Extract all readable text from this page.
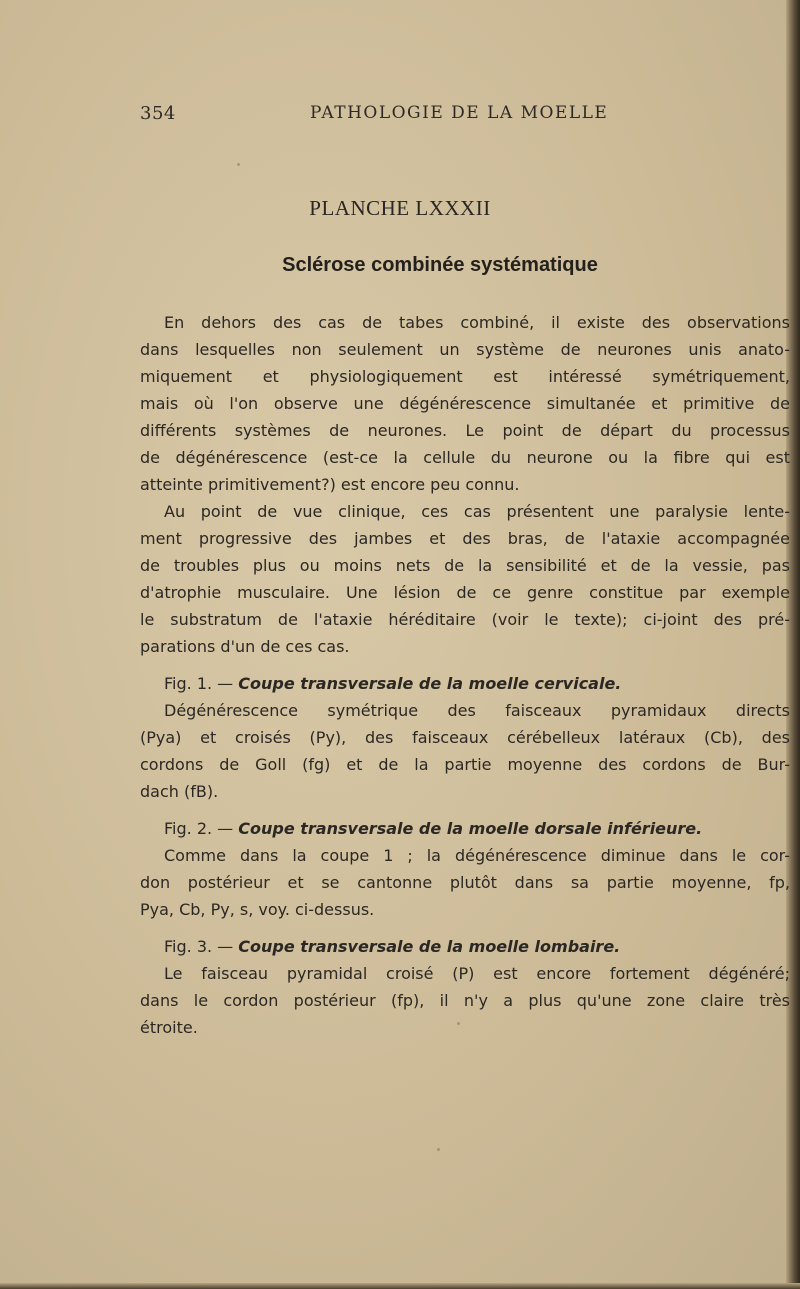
354	PATHOLOGIE DE LA MOELLE
PLANCHE LXXXII
Sclérose combinée systématique
En dehors des cas de tabes combiné, il existe des observations
dans lesquelles non seulement un système de neurones unis anato-
miquement et physiologiquement est intéressé symétriquement,
mais où l'on observe une dégénérescence simultanée et primitive de
différents systèmes de neurones. Le point de départ du processus
de dégénérescence (est-ce la cellule du neurone ou la fibre qui est
atteinte primitivement?) est encore peu connu.
Au point de vue clinique, ces cas présentent une paralysie lente-
ment progressive des jambes et des bras, de l'ataxie accompagnée
de troubles plus ou moins nets de la sensibilité et de la vessie, pas
d'atrophie musculaire. Une lésion de ce genre constitue par exemple
le substratum de l'ataxie héréditaire (voir le texte); ci-joint des pré-
parations d'un de ces cas.
Fig. 1. — Coupe transversale de la moelle cervicale.
Dégénérescence symétrique des faisceaux pyramidaux directs
(Pya) et croisés (Py), des faisceaux cérébelleux latéraux (Cb), des
cordons de Goll (fg) et de la partie moyenne des cordons de Bur-
dach (fB).
Fig. 2. — Coupe transversale de la moelle dorsale inférieure.
Comme dans la coupe 1 ; la dégénérescence diminue dans le cor-
don postérieur et se cantonne plutôt dans sa partie moyenne, fp,
Pya, Cb, Py, s, voy. ci-dessus.
Fig. 3. — Coupe transversale de la moelle lombaire.
Le faisceau pyramidal croisé (P) est encore fortement dégénéré;
dans le cordon postérieur (fp), il n'y a plus qu'une zone claire très
étroite.
